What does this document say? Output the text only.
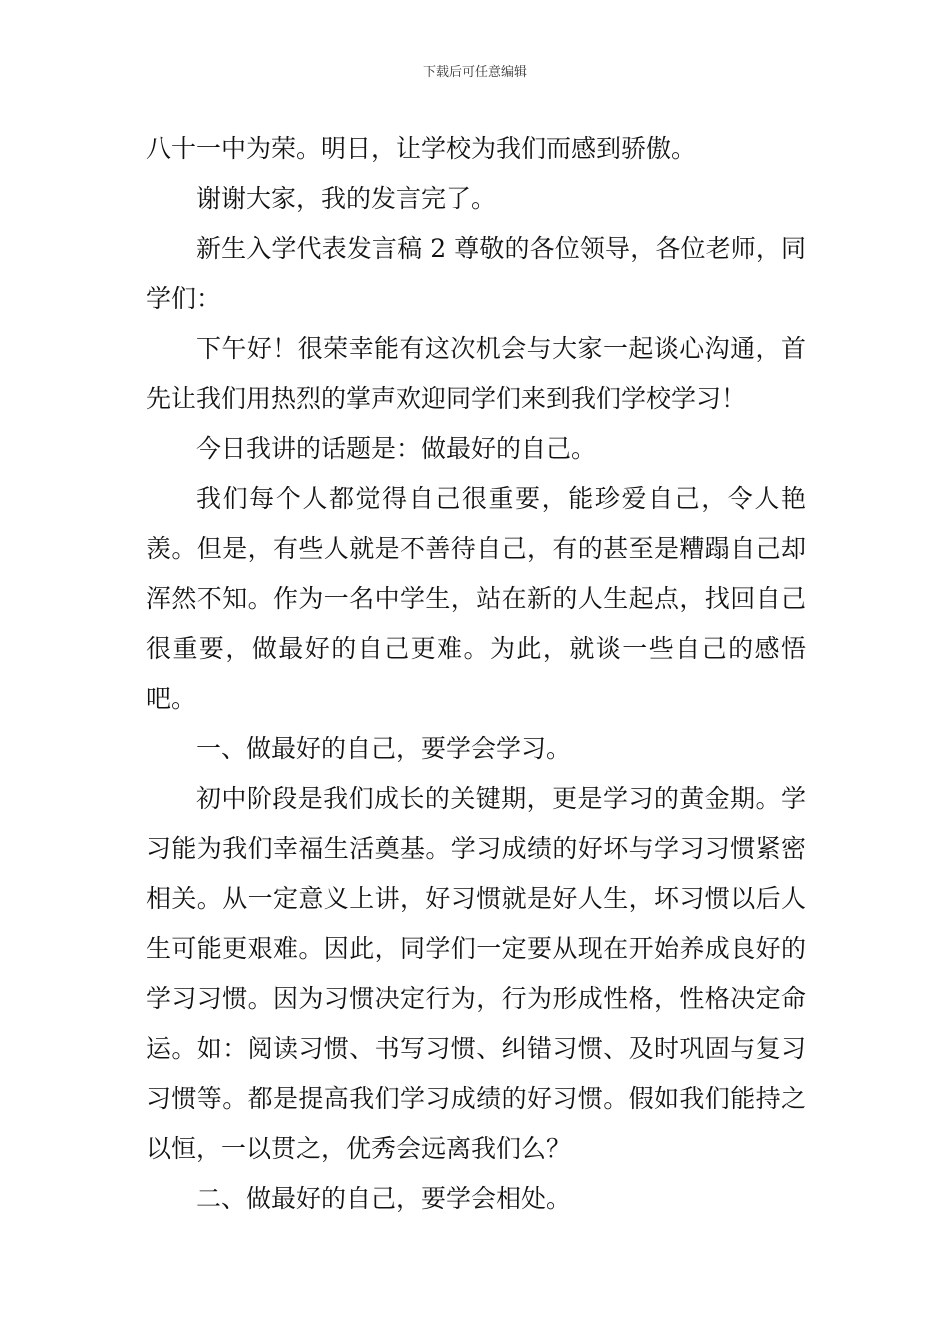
下载后可任意编辑

八十一中为荣。明日，让学校为我们而感到骄傲。

谢谢大家，我的发言完了。

新生入学代表发言稿 2 尊敬的各位领导，各位老师，同学们：

下午好！很荣幸能有这次机会与大家一起谈心沟通，首先让我们用热烈的掌声欢迎同学们来到我们学校学习！

今日我讲的话题是：做最好的自己。

我们每个人都觉得自己很重要，能珍爱自己，令人艳羡。但是，有些人就是不善待自己，有的甚至是糟蹋自己却浑然不知。作为一名中学生，站在新的人生起点，找回自己很重要，做最好的自己更难。为此，就谈一些自己的感悟吧。

一、做最好的自己，要学会学习。

初中阶段是我们成长的关键期，更是学习的黄金期。学习能为我们幸福生活奠基。学习成绩的好坏与学习习惯紧密相关。从一定意义上讲，好习惯就是好人生，坏习惯以后人生可能更艰难。因此，同学们一定要从现在开始养成良好的学习习惯。因为习惯决定行为，行为形成性格，性格决定命运。如：阅读习惯、书写习惯、纠错习惯、及时巩固与复习习惯等。都是提高我们学习成绩的好习惯。假如我们能持之以恒，一以贯之，优秀会远离我们么？

二、做最好的自己，要学会相处。
